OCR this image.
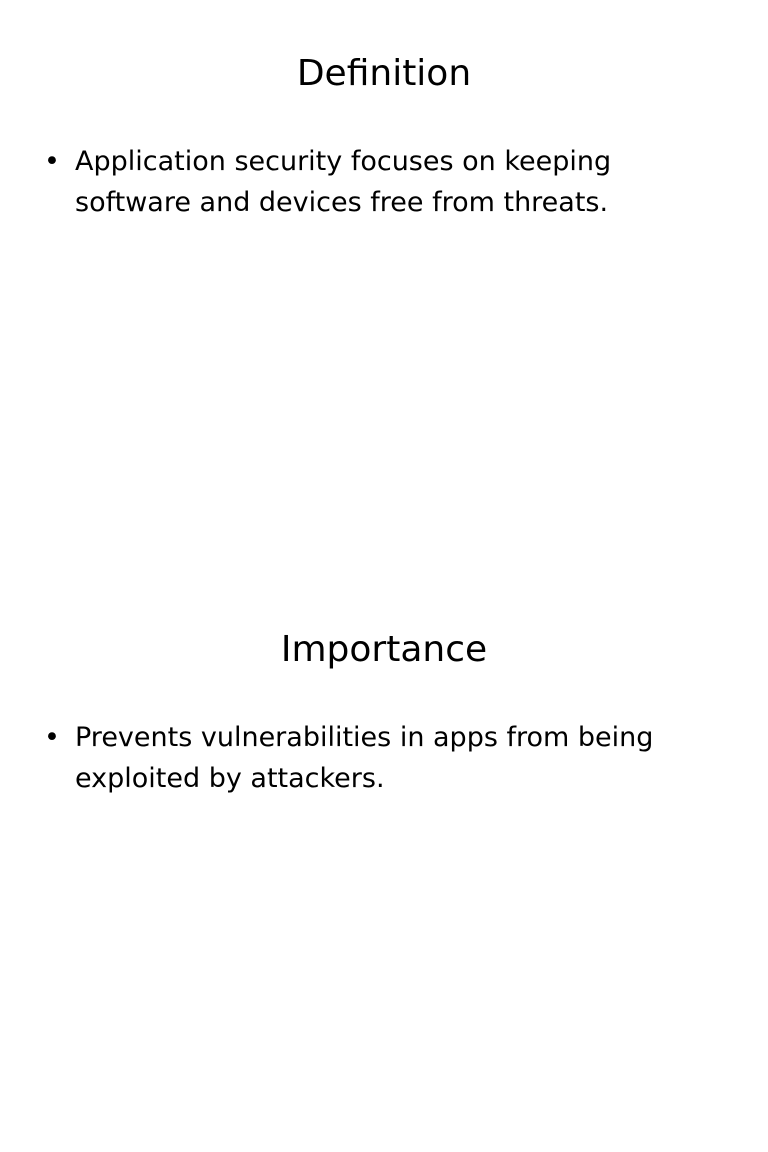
Definition
• Application security focuses on keeping software and devices free from threats.
Importance
• Prevents vulnerabilities in apps from being exploited by attackers.
